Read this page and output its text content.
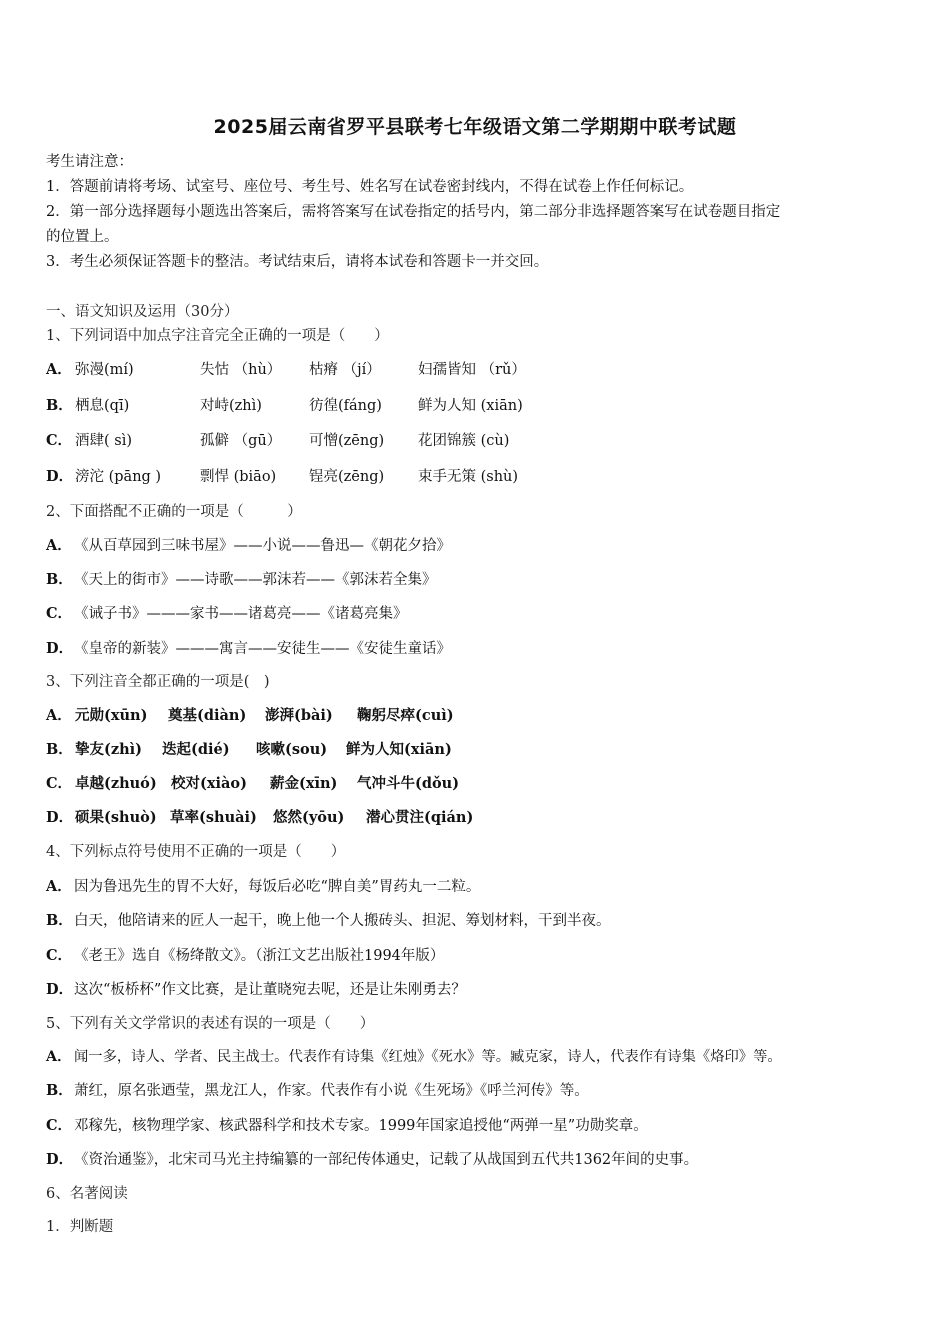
2025届云南省罗平县联考七年级语文第二学期期中联考试题
考生请注意：
1．答题前请将考场、试室号、座位号、考生号、姓名写在试卷密封线内，不得在试卷上作任何标记。
2．第一部分选择题每小题选出答案后，需将答案写在试卷指定的括号内，第二部分非选择题答案写在试卷题目指定
的位置上。
3．考生必须保证答题卡的整洁。考试结束后，请将本试卷和答题卡一并交回。
一、语文知识及运用（30分）
1、下列词语中加点字注音完全正确的一项是（　　）
A． 弥漫(mí)	失怙 （hù） 枯瘠 （jí）	妇孺皆知 （rǔ）
B． 栖息(qī)	对峙(zhì)	彷徨(fáng) 鲜为人知 (xiān)
C． 酒肆( sì)	孤僻 （gū） 可憎(zēng) 花团锦簇 (cù)
D． 滂沱 (pāng )	剽悍 (biāo) 锃亮(zēng) 束手无策 (shù)
2、下面搭配不正确的一项是（　　　）
A． 《从百草园到三味书屋》——小说——鲁迅—《朝花夕拾》
B．《天上的街市》——诗歌——郭沫若——《郭沫若全集》
C． 《诫子书》———家书——诸葛亮——《诸葛亮集》
D．《皇帝的新装》———寓言——安徒生——《安徒生童话》
3、下列注音全都正确的一项是(　)
A． 元勋(xūn) 奠基(diàn) 澎湃(bài) 鞠躬尽瘁(cuì)
B． 挚友(zhì) 迭起(dié) 咳嗽(sou) 鲜为人知(xiān)
C． 卓越(zhuó) 校对(xiào) 薪金(xīn) 气冲斗牛(dǒu)
D． 硕果(shuò) 草率(shuài) 悠然(yōu) 潜心贯注(qián)
4、下列标点符号使用不正确的一项是（　　）
A． 因为鲁迅先生的胃不大好，每饭后必吃“脾自美”胃药丸一二粒。
B．白天，他陪请来的匠人一起干，晚上他一个人搬砖头、担泥、筹划材料，干到半夜。
C． 《老王》选自《杨绛散文》。（浙江文艺出版社1994年版）
D．这次“板桥杯”作文比赛，是让董晓宛去呢，还是让朱刚勇去？
5、下列有关文学常识的表述有误的一项是（　　）
A． 闻一多，诗人、学者、民主战士。代表作有诗集《红烛》《死水》等。臧克家，诗人，代表作有诗集《烙印》等。
B．萧红，原名张迺莹，黑龙江人，作家。代表作有小说《生死场》《呼兰河传》等。
C． 邓稼先，核物理学家、核武器科学和技术专家。1999年国家追授他“两弹一星”功勋奖章。
D．《资治通鉴》，北宋司马光主持编纂的一部纪传体通史，记载了从战国到五代共1362年间的史事。
6、名著阅读
1．判断题
